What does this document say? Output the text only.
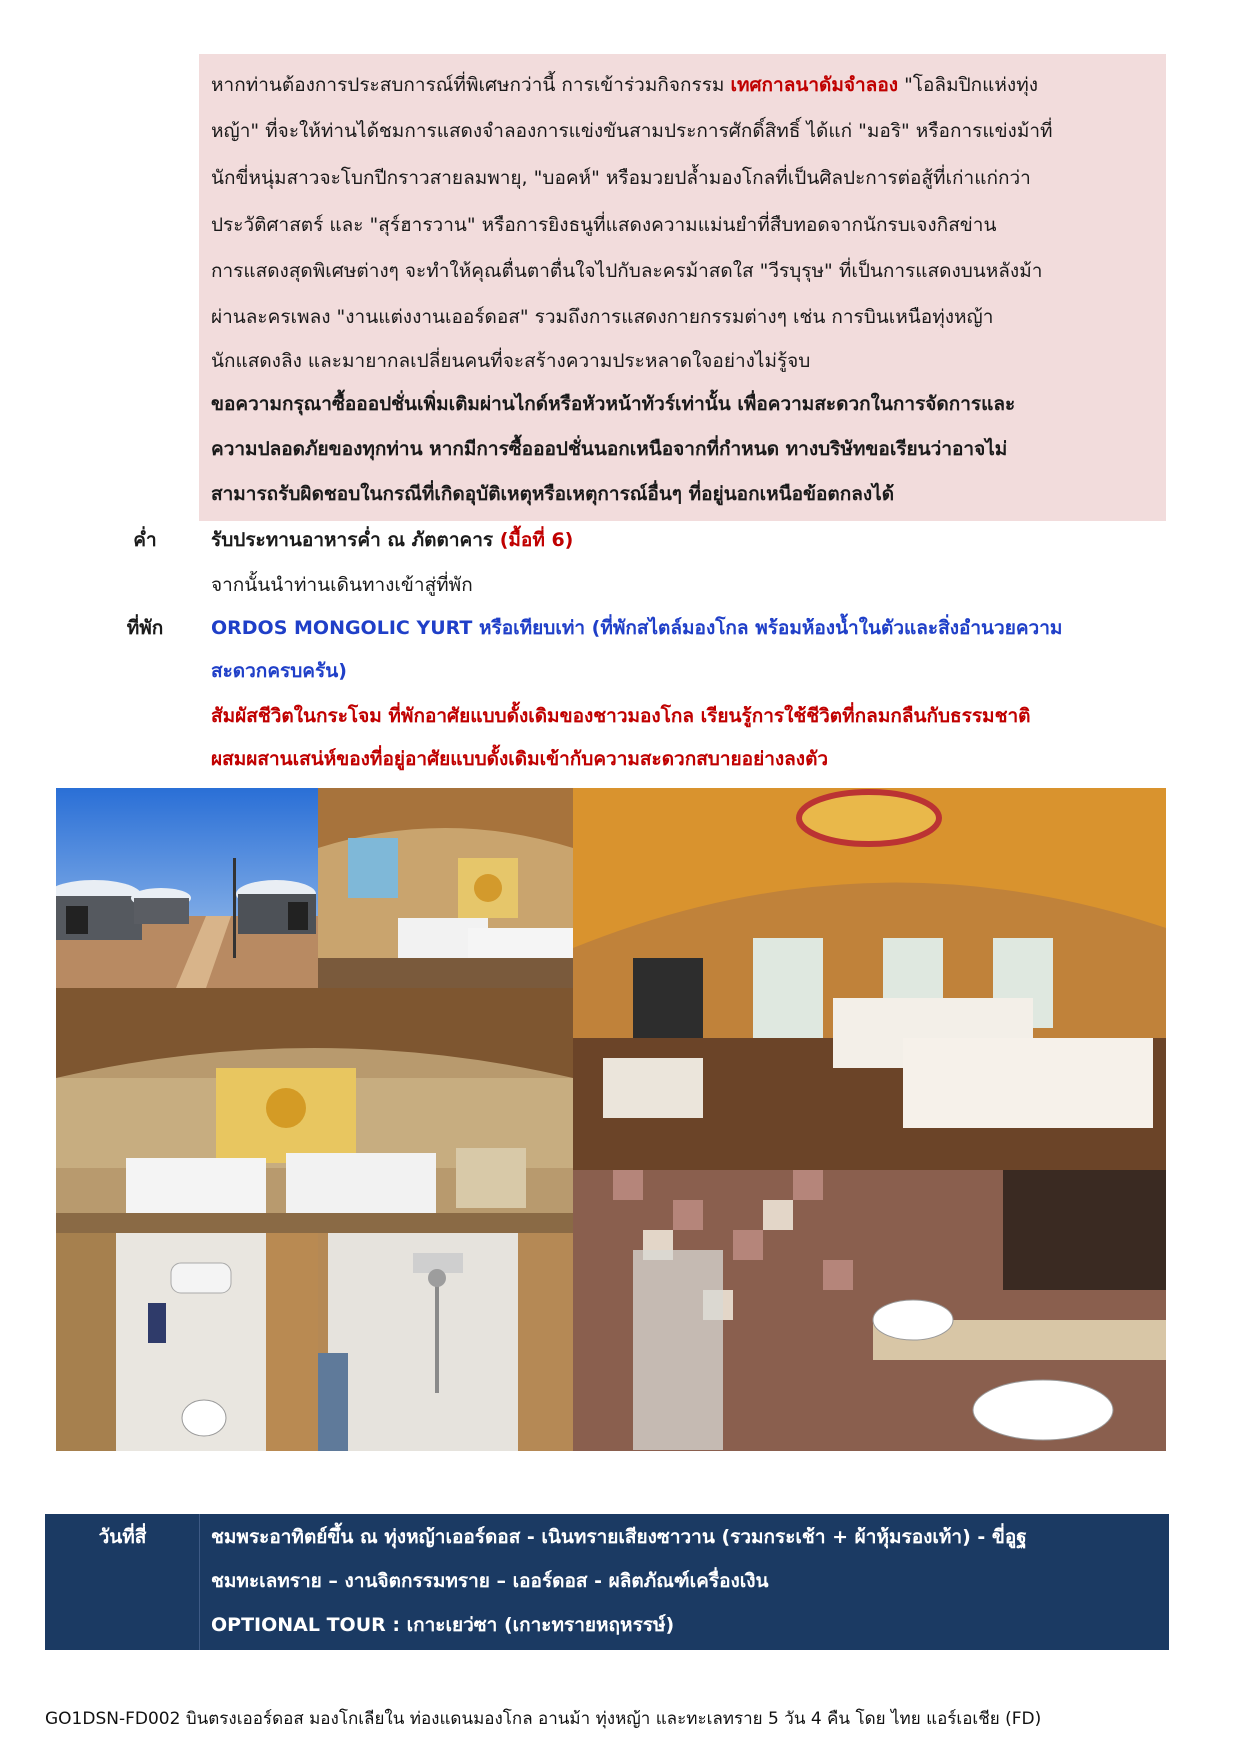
หากท่านต้องการประสบการณ์ที่พิเศษกว่านี้ การเข้าร่วมกิจกรรม เทศกาลนาดัมจำลอง "โอลิมปิกแห่งทุ่ง
หญ้า" ที่จะให้ท่านได้ชมการแสดงจำลองการแข่งขันสามประการศักดิ์สิทธิ์ ได้แก่ "มอริ" หรือการแข่งม้าที่
นักขี่หนุ่มสาวจะโบกปีกราวสายลมพายุ, "บอคห์" หรือมวยปล้ำมองโกลที่เป็นศิลปะการต่อสู้ที่เก่าแก่กว่า
ประวัติศาสตร์ และ "สุร์ฮารวาน" หรือการยิงธนูที่แสดงความแม่นยำที่สืบทอดจากนักรบเจงกิสข่าน
การแสดงสุดพิเศษต่างๆ จะทำให้คุณตื่นตาตื่นใจไปกับละครม้าสดใส "วีรบุรุษ" ที่เป็นการแสดงบนหลังม้า
ผ่านละครเพลง "งานแต่งงานเออร์ดอส" รวมถึงการแสดงกายกรรมต่างๆ เช่น การบินเหนือทุ่งหญ้า
นักแสดงลิง และมายากลเปลี่ยนคนที่จะสร้างความประหลาดใจอย่างไม่รู้จบ
ขอความกรุณาซื้อออปชั่นเพิ่มเติมผ่านไกด์หรือหัวหน้าทัวร์เท่านั้น เพื่อความสะดวกในการจัดการและ
ความปลอดภัยของทุกท่าน หากมีการซื้อออปชั่นนอกเหนือจากที่กำหนด ทางบริษัทขอเรียนว่าอาจไม่
สามารถรับผิดชอบในกรณีที่เกิดอุบัติเหตุหรือเหตุการณ์อื่นๆ ที่อยู่นอกเหนือข้อตกลงได้
ค่ำ	รับประทานอาหารค่ำ ณ ภัตตาคาร (มื้อที่ 6)
จากนั้นนำท่านเดินทางเข้าสู่ที่พัก
ที่พัก	ORDOS MONGOLIC YURT หรือเทียบเท่า (ที่พักสไตล์มองโกล พร้อมห้องน้ำในตัวและสิ่งอำนวยความ
สะดวกครบครัน)
สัมผัสชีวิตในกระโจม ที่พักอาศัยแบบดั้งเดิมของชาวมองโกล เรียนรู้การใช้ชีวิตที่กลมกลืนกับธรรมชาติ
ผสมผสานเสน่ห์ของที่อยู่อาศัยแบบดั้งเดิมเข้ากับความสะดวกสบายอย่างลงตัว
วันที่สี่	ชมพระอาทิตย์ขึ้น ณ ทุ่งหญ้าเออร์ดอส - เนินทรายเสียงซาวาน (รวมกระเช้า + ผ้าหุ้มรองเท้า) - ขี่อูฐ
ชมทะเลทราย – งานจิตกรรมทราย – เออร์ดอส - ผลิตภัณฑ์เครื่องเงิน
OPTIONAL TOUR : เกาะเยว่ซา (เกาะทรายหฤหรรษ์)
GO1DSN-FD002 บินตรงเออร์ดอส มองโกเลียใน ท่องแดนมองโกล อานม้า ทุ่งหญ้า และทะเลทราย 5 วัน 4 คืน โดย ไทย แอร์เอเชีย (FD)
